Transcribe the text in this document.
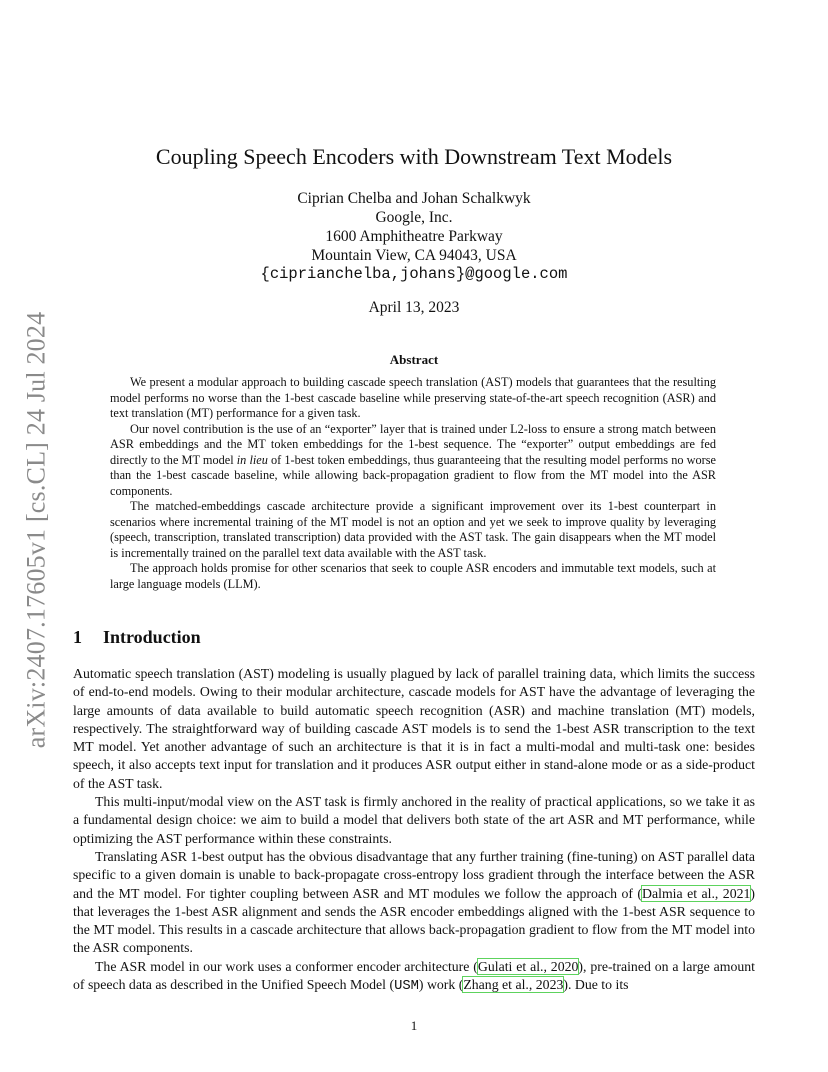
arXiv:2407.17605v1 [cs.CL] 24 Jul 2024
Coupling Speech Encoders with Downstream Text Models
Ciprian Chelba and Johan Schalkwyk
Google, Inc.
1600 Amphitheatre Parkway
Mountain View, CA 94043, USA
{ciprianchelba,johans}@google.com
April 13, 2023
Abstract

We present a modular approach to building cascade speech translation (AST) models that guarantees that the resulting model performs no worse than the 1-best cascade baseline while preserving state-of-the-art speech recognition (ASR) and text translation (MT) performance for a given task.

Our novel contribution is the use of an “exporter” layer that is trained under L2-loss to ensure a strong match between ASR embeddings and the MT token embeddings for the 1-best sequence. The “exporter” output embeddings are fed directly to the MT model in lieu of 1-best token embeddings, thus guaranteeing that the resulting model performs no worse than the 1-best cascade baseline, while allowing back-propagation gradient to flow from the MT model into the ASR components.

The matched-embeddings cascade architecture provide a significant improvement over its 1-best counterpart in scenarios where incremental training of the MT model is not an option and yet we seek to improve quality by leveraging (speech, transcription, translated transcription) data provided with the AST task. The gain disappears when the MT model is incrementally trained on the parallel text data available with the AST task.

The approach holds promise for other scenarios that seek to couple ASR encoders and immutable text models, such at large language models (LLM).

1 Introduction

Automatic speech translation (AST) modeling is usually plagued by lack of parallel training data, which limits the success of end-to-end models. Owing to their modular architecture, cascade models for AST have the advantage of leveraging the large amounts of data available to build automatic speech recognition (ASR) and machine translation (MT) models, respectively. The straightforward way of building cascade AST models is to send the 1-best ASR transcription to the text MT model. Yet another advantage of such an architecture is that it is in fact a multi-modal and multi-task one: besides speech, it also accepts text input for translation and it produces ASR output either in stand-alone mode or as a side-product of the AST task.

This multi-input/modal view on the AST task is firmly anchored in the reality of practical applications, so we take it as a fundamental design choice: we aim to build a model that delivers both state of the art ASR and MT performance, while optimizing the AST performance within these constraints.

Translating ASR 1-best output has the obvious disadvantage that any further training (fine-tuning) on AST parallel data specific to a given domain is unable to back-propagate cross-entropy loss gradient through the interface between the ASR and the MT model. For tighter coupling between ASR and MT modules we follow the approach of (Dalmia et al., 2021) that leverages the 1-best ASR alignment and sends the ASR encoder embeddings aligned with the 1-best ASR sequence to the MT model. This results in a cascade architecture that allows back-propagation gradient to flow from the MT model into the ASR components.

The ASR model in our work uses a conformer encoder architecture (Gulati et al., 2020), pre-trained on a large amount of speech data as described in the Unified Speech Model (USM) work (Zhang et al., 2023). Due to its

1
